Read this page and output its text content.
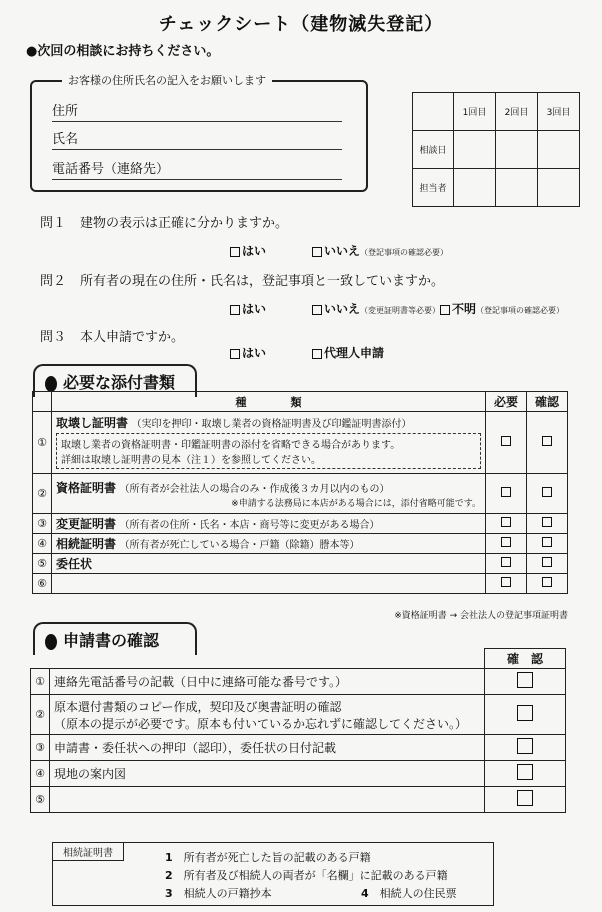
チェックシート（建物滅失登記）
●次回の相談にお持ちください。
住所
氏名
電話番号（連絡先）
お客様の住所氏名の記入をお願いします
	1回目	2回目	3回目
相談日			
担当者			
問１ 建物の表示は正確に分かりますか。
はい	いいえ（登記事項の確認必要）
問２ 所有者の現在の住所・氏名は，登記事項と一致していますか。
はい	いいえ（変更証明書等必要） 不明（登記事項の確認必要）
問３ 本人申請ですか。
はい	代理人申請
必要な添付書類
	種　　　　類	必要	確認
①	取壊し証明書 （実印を押印・取壊し業者の資格証明書及び印鑑証明書添付）
取壊し業者の資格証明書・印鑑証明書の添付を省略できる場合があります。
詳細は取壊し証明書の見本（注１）を参照してください。		

②	資格証明書 （所有者が会社法人の場合のみ・作成後３カ月以内のもの）
※申請する法務局に本店がある場合には，添付省略可能です。		

③	変更証明書 （所有者の住所・氏名・本店・商号等に変更がある場合）		
④	相続証明書 （所有者が死亡している場合・戸籍（除籍）謄本等）		
⑤	委任状		
⑥			
※資格証明書 → 会社法人の登記事項証明書
申請書の確認
		確　認
①	連絡先電話番号の記載（日中に連絡可能な番号です。）	
②	原本還付書類のコピー作成，契印及び奥書証明の確認
（原本の提示が必要です。原本も付いているか忘れずに確認してください。）	

③	申請書・委任状への押印（認印），委任状の日付記載	
④	現地の案内図	
⑤		
相続証明書	1　 所有者が死亡した旨の記載のある戸籍
2　 所有者及び相続人の両者が「名欄」に記載のある戸籍
3　 相続人の戸籍抄本	4　 相続人の住民票
